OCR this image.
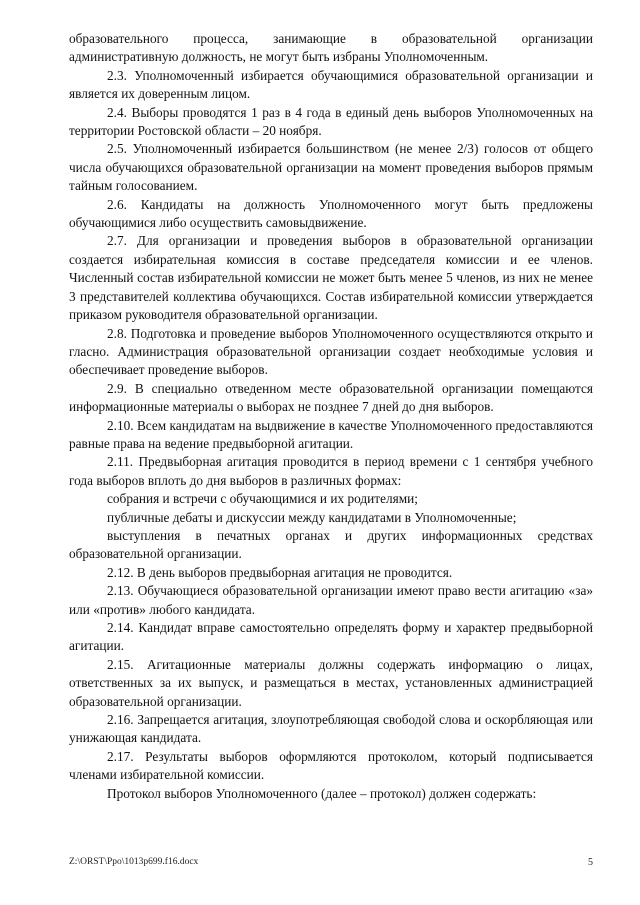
образовательного процесса, занимающие в образовательной организации административную должность, не могут быть избраны Уполномоченным.

2.3. Уполномоченный избирается обучающимися образовательной организации и является их доверенным лицом.

2.4. Выборы проводятся 1 раз в 4 года в единый день выборов Уполномоченных на территории Ростовской области – 20 ноября.

2.5. Уполномоченный избирается большинством (не менее 2/3) голосов от общего числа обучающихся образовательной организации на момент проведения выборов прямым тайным голосованием.

2.6. Кандидаты на должность Уполномоченного могут быть предложены обучающимися либо осуществить самовыдвижение.

2.7. Для организации и проведения выборов в образовательной организации создается избирательная комиссия в составе председателя комиссии и ее членов. Численный состав избирательной комиссии не может быть менее 5 членов, из них не менее 3 представителей коллектива обучающихся. Состав избирательной комиссии утверждается приказом руководителя образовательной организации.

2.8. Подготовка и проведение выборов Уполномоченного осуществляются открыто и гласно. Администрация образовательной организации создает необходимые условия и обеспечивает проведение выборов.

2.9. В специально отведенном месте образовательной организации помещаются информационные материалы о выборах не позднее 7 дней до дня выборов.

2.10. Всем кандидатам на выдвижение в качестве Уполномоченного предоставляются равные права на ведение предвыборной агитации.

2.11. Предвыборная агитация проводится в период времени с 1 сентября учебного года выборов вплоть до дня выборов в различных формах:

собрания и встречи с обучающимися и их родителями;

публичные дебаты и дискуссии между кандидатами в Уполномоченные;

выступления в печатных органах и других информационных средствах образовательной организации.

2.12. В день выборов предвыборная агитация не проводится.

2.13. Обучающиеся образовательной организации имеют право вести агитацию «за» или «против» любого кандидата.

2.14. Кандидат вправе самостоятельно определять форму и характер предвыборной агитации.

2.15. Агитационные материалы должны содержать информацию о лицах, ответственных за их выпуск, и размещаться в местах, установленных администрацией образовательной организации.

2.16. Запрещается агитация, злоупотребляющая свободой слова и оскорбляющая или унижающая кандидата.

2.17. Результаты выборов оформляются протоколом, который подписывается членами избирательной комиссии.

Протокол выборов Уполномоченного (далее – протокол) должен содержать:

Z:\ORST\Ppo\1013p699.f16.docx	5
